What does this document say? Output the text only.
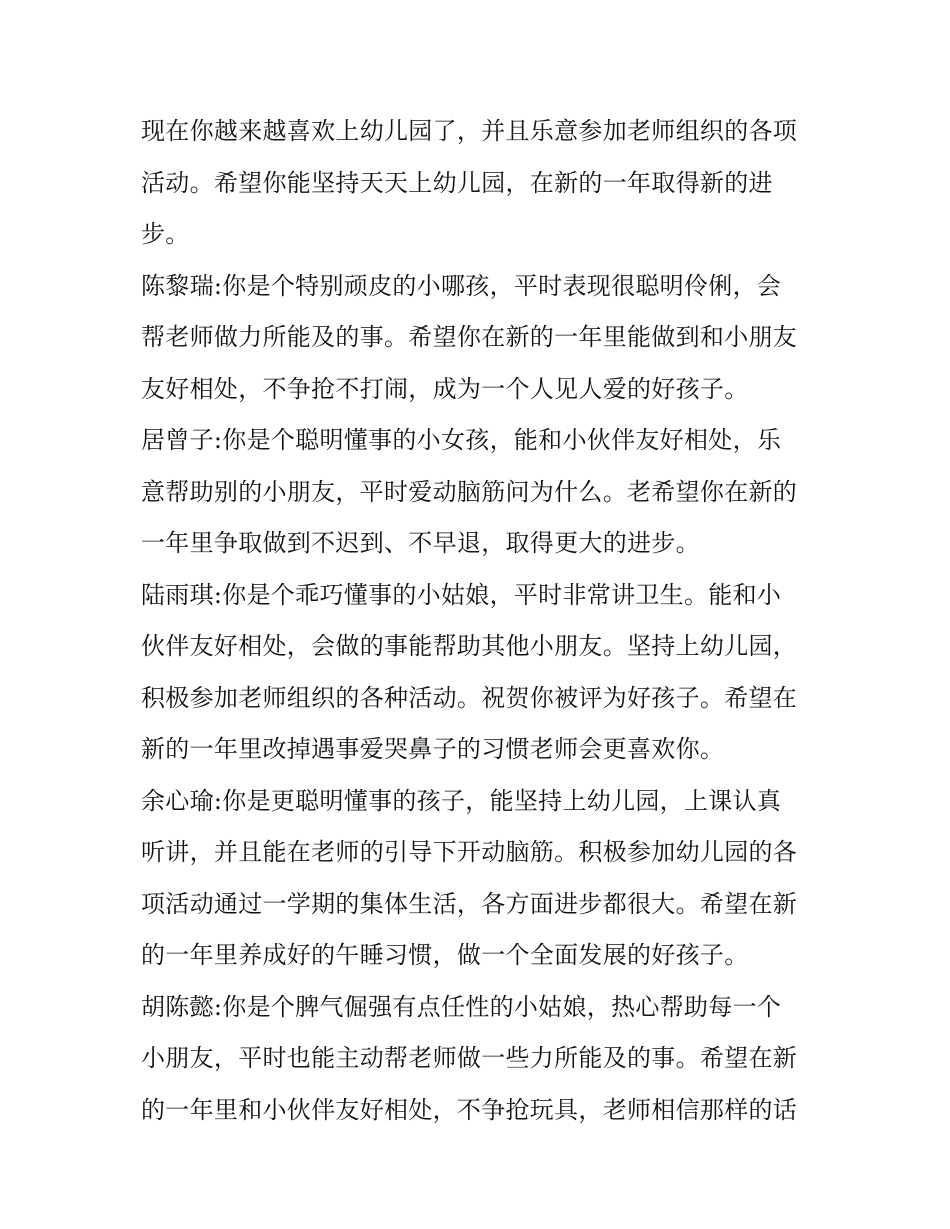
现在你越来越喜欢上幼儿园了，并且乐意参加老师组织的各项
活动。希望你能坚持天天上幼儿园，在新的一年取得新的进
步。
陈黎瑞:你是个特别顽皮的小哪孩，平时表现很聪明伶俐，会
帮老师做力所能及的事。希望你在新的一年里能做到和小朋友
友好相处，不争抢不打闹，成为一个人见人爱的好孩子。
居曾子:你是个聪明懂事的小女孩，能和小伙伴友好相处，乐
意帮助别的小朋友，平时爱动脑筋问为什么。老希望你在新的
一年里争取做到不迟到、不早退，取得更大的进步。
陆雨琪:你是个乖巧懂事的小姑娘，平时非常讲卫生。能和小
伙伴友好相处，会做的事能帮助其他小朋友。坚持上幼儿园，
积极参加老师组织的各种活动。祝贺你被评为好孩子。希望在
新的一年里改掉遇事爱哭鼻子的习惯老师会更喜欢你。
余心瑜:你是更聪明懂事的孩子，能坚持上幼儿园，上课认真
听讲，并且能在老师的引导下开动脑筋。积极参加幼儿园的各
项活动通过一学期的集体生活，各方面进步都很大。希望在新
的一年里养成好的午睡习惯，做一个全面发展的好孩子。
胡陈懿:你是个脾气倔强有点任性的小姑娘，热心帮助每一个
小朋友，平时也能主动帮老师做一些力所能及的事。希望在新
的一年里和小伙伴友好相处，不争抢玩具，老师相信那样的话
